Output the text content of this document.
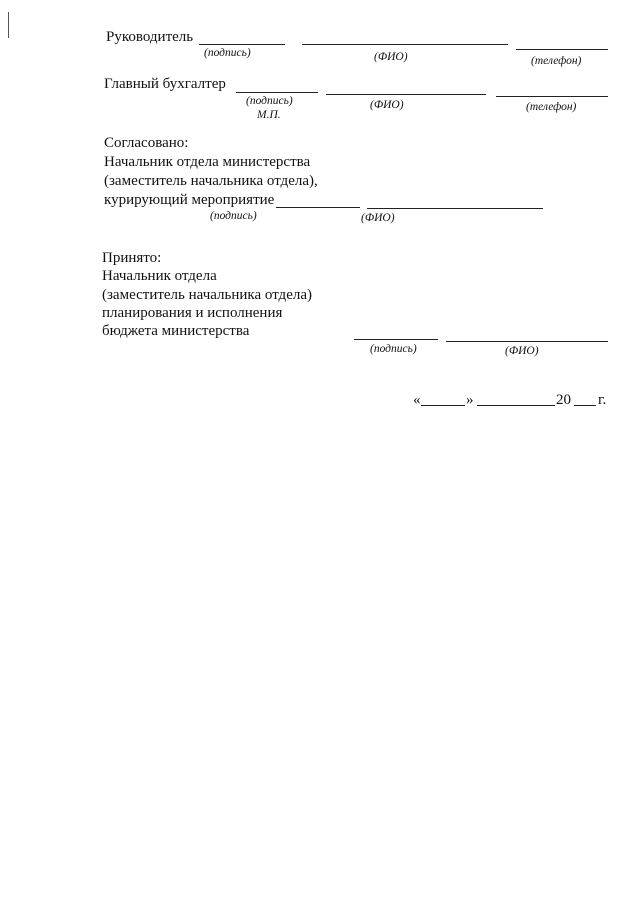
Руководитель
(подпись)	(ФИО)	(телефон)
Главный бухгалтер
(подпись)	(ФИО)	(телефон)
М.П.
Согласовано:
Начальник отдела министерства
(заместитель начальника отдела),
курирующий мероприятие
(подпись)	(ФИО)
Принято:
Начальник отдела
(заместитель начальника отдела)
планирования и исполнения
бюджета министерства
(подпись)	(ФИО)
«	»	20 г.
